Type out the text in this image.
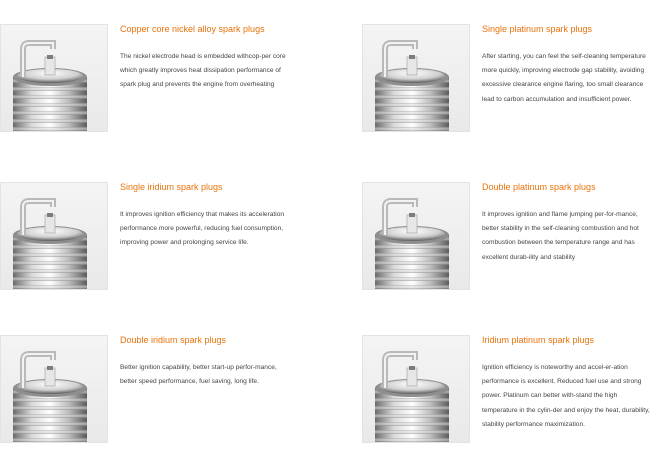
Copper core nickel alloy spark plugs

The nickel electrode head is embedded withcop-per core which greatly improves heat dissipation performance of spark plug and prevents the engine from overheating

Single platinum spark plugs

After starting, you can feel the self-cleaning temperature more quickly, improving electrode gap stability, avoiding excessive clearance engine flaring, too small clearance lead to carbon accumulation and insufficient power.

Single iridium spark plugs

It improves ignition efficiency that makes its acceleration performance more powerful, reducing fuel consumption, improving power and prolonging service life.

Double platinum spark plugs

It improves ignition and flame jumping per-for-mance, better stability in the self-cleaning combustion and hot combustion between the temperature range and has excellent durab-ility and stability

Double iridium spark plugs

Better ignition capability, better start-up perfor-mance, better speed performance, fuel saving, long life.

Iridium platinum spark plugs

Ignition efficiency is noteworthy and accel-er-ation performance is excellent. Reduced fuel use and strong power. Platinum can better with-stand the high temperature in the cylin-der and enjoy the heat, durability, stability performance maximization.
